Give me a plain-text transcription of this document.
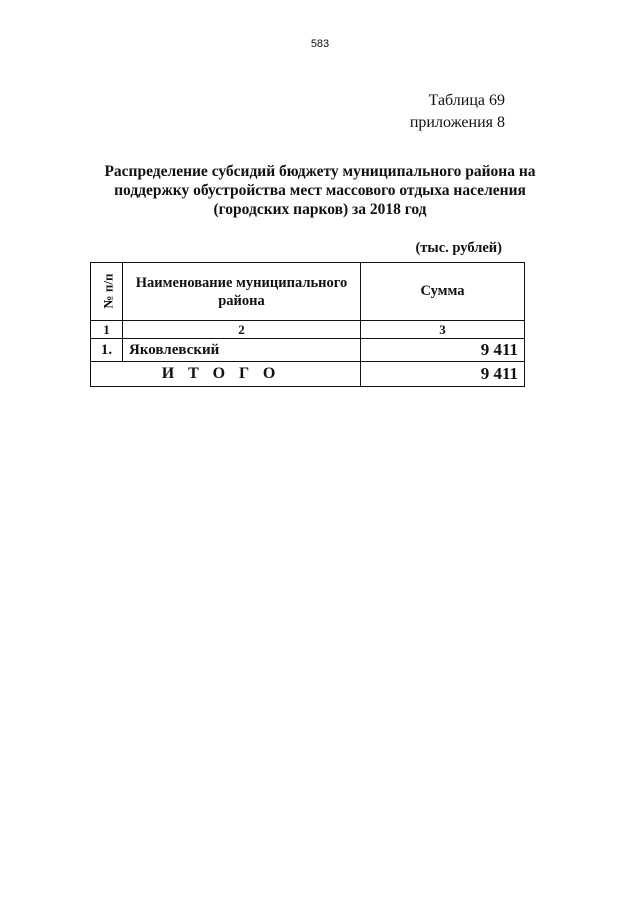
583
Таблица 69
приложения 8
Распределение субсидий бюджету муниципального района на
поддержку обустройства мест массового отдыха населения
(городских парков) за 2018 год
(тыс. рублей)
№ п/п	Наименование муниципального района	Сумма
1	2	3
1.	Яковлевский	9 411
ИТОГО		9 411
